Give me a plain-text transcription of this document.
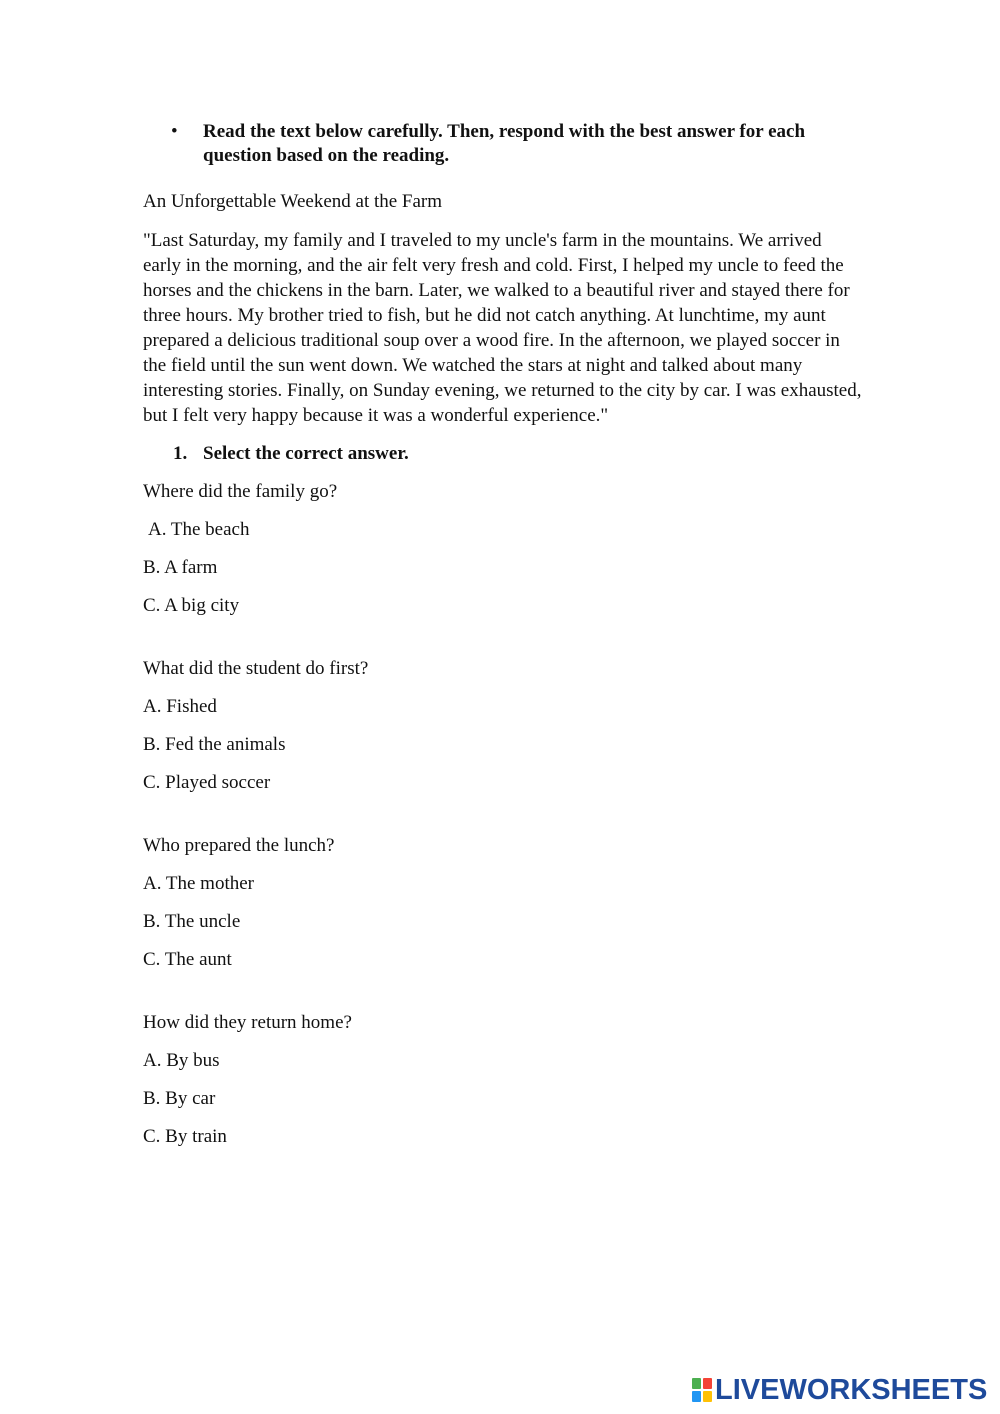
• Read the text below carefully. Then, respond with the best answer for each question based on the reading.

An Unforgettable Weekend at the Farm

"Last Saturday, my family and I traveled to my uncle's farm in the mountains. We arrived early in the morning, and the air felt very fresh and cold. First, I helped my uncle to feed the horses and the chickens in the barn. Later, we walked to a beautiful river and stayed there for three hours. My brother tried to fish, but he did not catch anything. At lunchtime, my aunt prepared a delicious traditional soup over a wood fire. In the afternoon, we played soccer in the field until the sun went down. We watched the stars at night and talked about many interesting stories. Finally, on Sunday evening, we returned to the city by car. I was exhausted, but I felt very happy because it was a wonderful experience."

1. Select the correct answer.

Where did the family go?

A. The beach

B. A farm

C. A big city

What did the student do first?

A. Fished

B. Fed the animals

C. Played soccer

Who prepared the lunch?

A. The mother

B. The uncle

C. The aunt

How did they return home?

A. By bus

B. By car

C. By train

LIVEWORKSHEETS
